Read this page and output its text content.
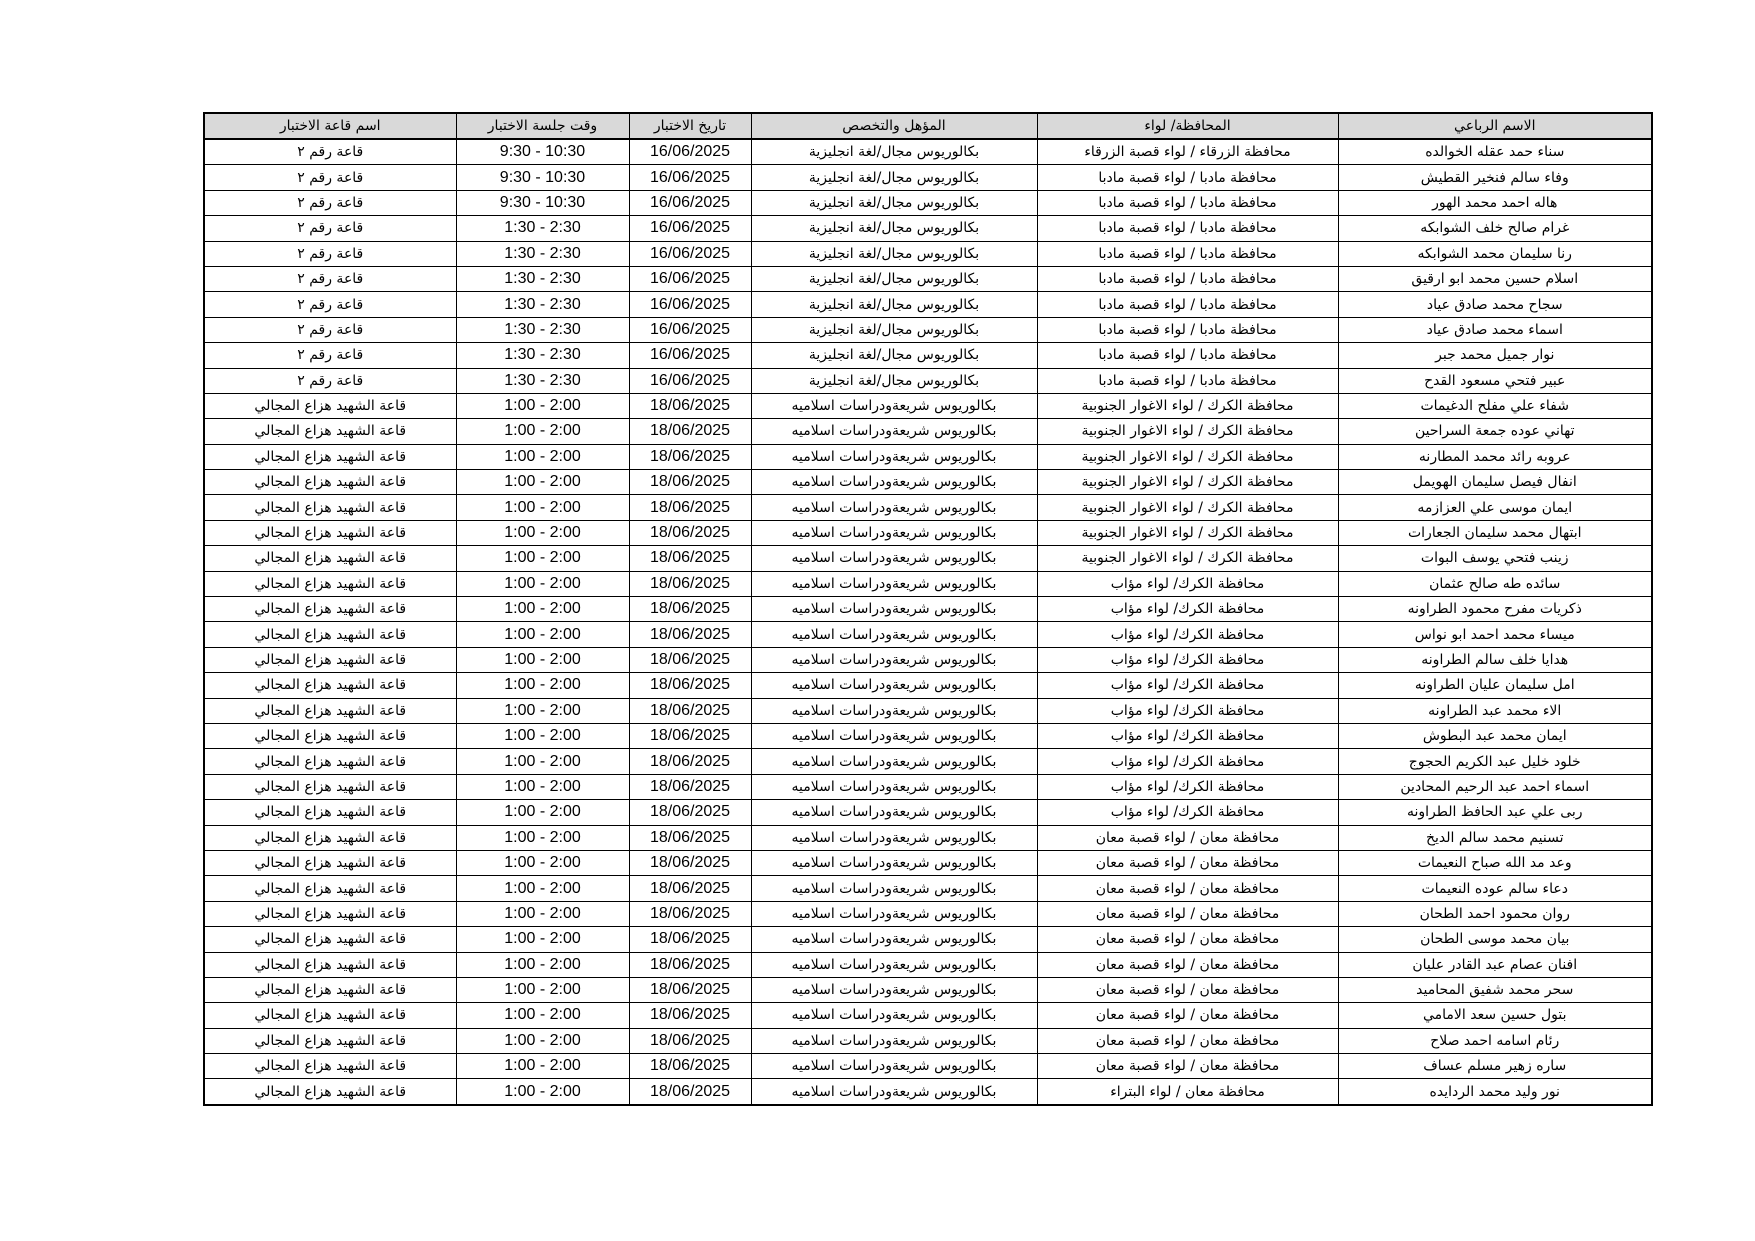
اسم قاعة الاختبار	وقت جلسة الاختبار	تاريخ الاختبار	المؤهل والتخصص	المحافظة/ لواء	الاسم الرباعي
قاعة رقم ٢	9:30 - 10:30	16/06/2025	بكالوريوس مجال/لغة انجليزية	محافظة الزرقاء / لواء قصبة الزرقاء	سناء حمد عقله الخوالده
قاعة رقم ٢	9:30 - 10:30	16/06/2025	بكالوريوس مجال/لغة انجليزية	محافظة مادبا / لواء قصبة مادبا	وفاء سالم فنخير القطيش
قاعة رقم ٢	9:30 - 10:30	16/06/2025	بكالوريوس مجال/لغة انجليزية	محافظة مادبا / لواء قصبة مادبا	هاله احمد محمد الهور
قاعة رقم ٢	1:30 - 2:30	16/06/2025	بكالوريوس مجال/لغة انجليزية	محافظة مادبا / لواء قصبة مادبا	غرام صالح خلف الشوابكه
قاعة رقم ٢	1:30 - 2:30	16/06/2025	بكالوريوس مجال/لغة انجليزية	محافظة مادبا / لواء قصبة مادبا	رنا سليمان محمد الشوابكه
قاعة رقم ٢	1:30 - 2:30	16/06/2025	بكالوريوس مجال/لغة انجليزية	محافظة مادبا / لواء قصبة مادبا	اسلام حسين محمد ابو ارقيق
قاعة رقم ٢	1:30 - 2:30	16/06/2025	بكالوريوس مجال/لغة انجليزية	محافظة مادبا / لواء قصبة مادبا	سجاح محمد صادق عياد
قاعة رقم ٢	1:30 - 2:30	16/06/2025	بكالوريوس مجال/لغة انجليزية	محافظة مادبا / لواء قصبة مادبا	اسماء محمد صادق عياد
قاعة رقم ٢	1:30 - 2:30	16/06/2025	بكالوريوس مجال/لغة انجليزية	محافظة مادبا / لواء قصبة مادبا	نوار جميل محمد جبر
قاعة رقم ٢	1:30 - 2:30	16/06/2025	بكالوريوس مجال/لغة انجليزية	محافظة مادبا / لواء قصبة مادبا	عبير فتحي مسعود القدح
قاعة الشهيد هزاع المجالي	1:00 - 2:00	18/06/2025	بكالوريوس شريعةودراسات اسلاميه	محافظة الكرك / لواء الاغوار الجنوبية	شفاء علي مفلح الدغيمات
قاعة الشهيد هزاع المجالي	1:00 - 2:00	18/06/2025	بكالوريوس شريعةودراسات اسلاميه	محافظة الكرك / لواء الاغوار الجنوبية	تهاني عوده جمعة السراحين
قاعة الشهيد هزاع المجالي	1:00 - 2:00	18/06/2025	بكالوريوس شريعةودراسات اسلاميه	محافظة الكرك / لواء الاغوار الجنوبية	عروبه رائد محمد المطارنه
قاعة الشهيد هزاع المجالي	1:00 - 2:00	18/06/2025	بكالوريوس شريعةودراسات اسلاميه	محافظة الكرك / لواء الاغوار الجنوبية	انفال فيصل سليمان الهويمل
قاعة الشهيد هزاع المجالي	1:00 - 2:00	18/06/2025	بكالوريوس شريعةودراسات اسلاميه	محافظة الكرك / لواء الاغوار الجنوبية	ايمان موسى علي العزازمه
قاعة الشهيد هزاع المجالي	1:00 - 2:00	18/06/2025	بكالوريوس شريعةودراسات اسلاميه	محافظة الكرك / لواء الاغوار الجنوبية	ابتهال محمد سليمان الجعارات
قاعة الشهيد هزاع المجالي	1:00 - 2:00	18/06/2025	بكالوريوس شريعةودراسات اسلاميه	محافظة الكرك / لواء الاغوار الجنوبية	زينب فتحي يوسف البوات
قاعة الشهيد هزاع المجالي	1:00 - 2:00	18/06/2025	بكالوريوس شريعةودراسات اسلاميه	محافظة الكرك/ لواء مؤاب	سائده طه صالح عثمان
قاعة الشهيد هزاع المجالي	1:00 - 2:00	18/06/2025	بكالوريوس شريعةودراسات اسلاميه	محافظة الكرك/ لواء مؤاب	ذكريات مفرح محمود الطراونه
قاعة الشهيد هزاع المجالي	1:00 - 2:00	18/06/2025	بكالوريوس شريعةودراسات اسلاميه	محافظة الكرك/ لواء مؤاب	ميساء محمد احمد ابو نواس
قاعة الشهيد هزاع المجالي	1:00 - 2:00	18/06/2025	بكالوريوس شريعةودراسات اسلاميه	محافظة الكرك/ لواء مؤاب	هدايا خلف سالم الطراونه
قاعة الشهيد هزاع المجالي	1:00 - 2:00	18/06/2025	بكالوريوس شريعةودراسات اسلاميه	محافظة الكرك/ لواء مؤاب	امل سليمان عليان الطراونه
قاعة الشهيد هزاع المجالي	1:00 - 2:00	18/06/2025	بكالوريوس شريعةودراسات اسلاميه	محافظة الكرك/ لواء مؤاب	الاء محمد عبد الطراونه
قاعة الشهيد هزاع المجالي	1:00 - 2:00	18/06/2025	بكالوريوس شريعةودراسات اسلاميه	محافظة الكرك/ لواء مؤاب	ايمان محمد عبد البطوش
قاعة الشهيد هزاع المجالي	1:00 - 2:00	18/06/2025	بكالوريوس شريعةودراسات اسلاميه	محافظة الكرك/ لواء مؤاب	خلود خليل عبد الكريم الحجوج
قاعة الشهيد هزاع المجالي	1:00 - 2:00	18/06/2025	بكالوريوس شريعةودراسات اسلاميه	محافظة الكرك/ لواء مؤاب	اسماء احمد عبد الرحيم المحادين
قاعة الشهيد هزاع المجالي	1:00 - 2:00	18/06/2025	بكالوريوس شريعةودراسات اسلاميه	محافظة الكرك/ لواء مؤاب	ربى علي عبد الحافظ الطراونه
قاعة الشهيد هزاع المجالي	1:00 - 2:00	18/06/2025	بكالوريوس شريعةودراسات اسلاميه	محافظة معان / لواء قصبة معان	تسنيم محمد سالم الديخ
قاعة الشهيد هزاع المجالي	1:00 - 2:00	18/06/2025	بكالوريوس شريعةودراسات اسلاميه	محافظة معان / لواء قصبة معان	وعد مد الله صباح النعيمات
قاعة الشهيد هزاع المجالي	1:00 - 2:00	18/06/2025	بكالوريوس شريعةودراسات اسلاميه	محافظة معان / لواء قصبة معان	دعاء سالم عوده النعيمات
قاعة الشهيد هزاع المجالي	1:00 - 2:00	18/06/2025	بكالوريوس شريعةودراسات اسلاميه	محافظة معان / لواء قصبة معان	روان محمود احمد الطحان
قاعة الشهيد هزاع المجالي	1:00 - 2:00	18/06/2025	بكالوريوس شريعةودراسات اسلاميه	محافظة معان / لواء قصبة معان	بيان محمد موسى الطحان
قاعة الشهيد هزاع المجالي	1:00 - 2:00	18/06/2025	بكالوريوس شريعةودراسات اسلاميه	محافظة معان / لواء قصبة معان	افنان عصام عبد القادر عليان
قاعة الشهيد هزاع المجالي	1:00 - 2:00	18/06/2025	بكالوريوس شريعةودراسات اسلاميه	محافظة معان / لواء قصبة معان	سحر محمد شفيق المحاميد
قاعة الشهيد هزاع المجالي	1:00 - 2:00	18/06/2025	بكالوريوس شريعةودراسات اسلاميه	محافظة معان / لواء قصبة معان	بتول حسين سعد الامامي
قاعة الشهيد هزاع المجالي	1:00 - 2:00	18/06/2025	بكالوريوس شريعةودراسات اسلاميه	محافظة معان / لواء قصبة معان	رئام اسامه احمد صلاح
قاعة الشهيد هزاع المجالي	1:00 - 2:00	18/06/2025	بكالوريوس شريعةودراسات اسلاميه	محافظة معان / لواء قصبة معان	ساره زهير مسلم عساف
قاعة الشهيد هزاع المجالي	1:00 - 2:00	18/06/2025	بكالوريوس شريعةودراسات اسلاميه	محافظة معان / لواء البتراء	نور وليد محمد الردايده
